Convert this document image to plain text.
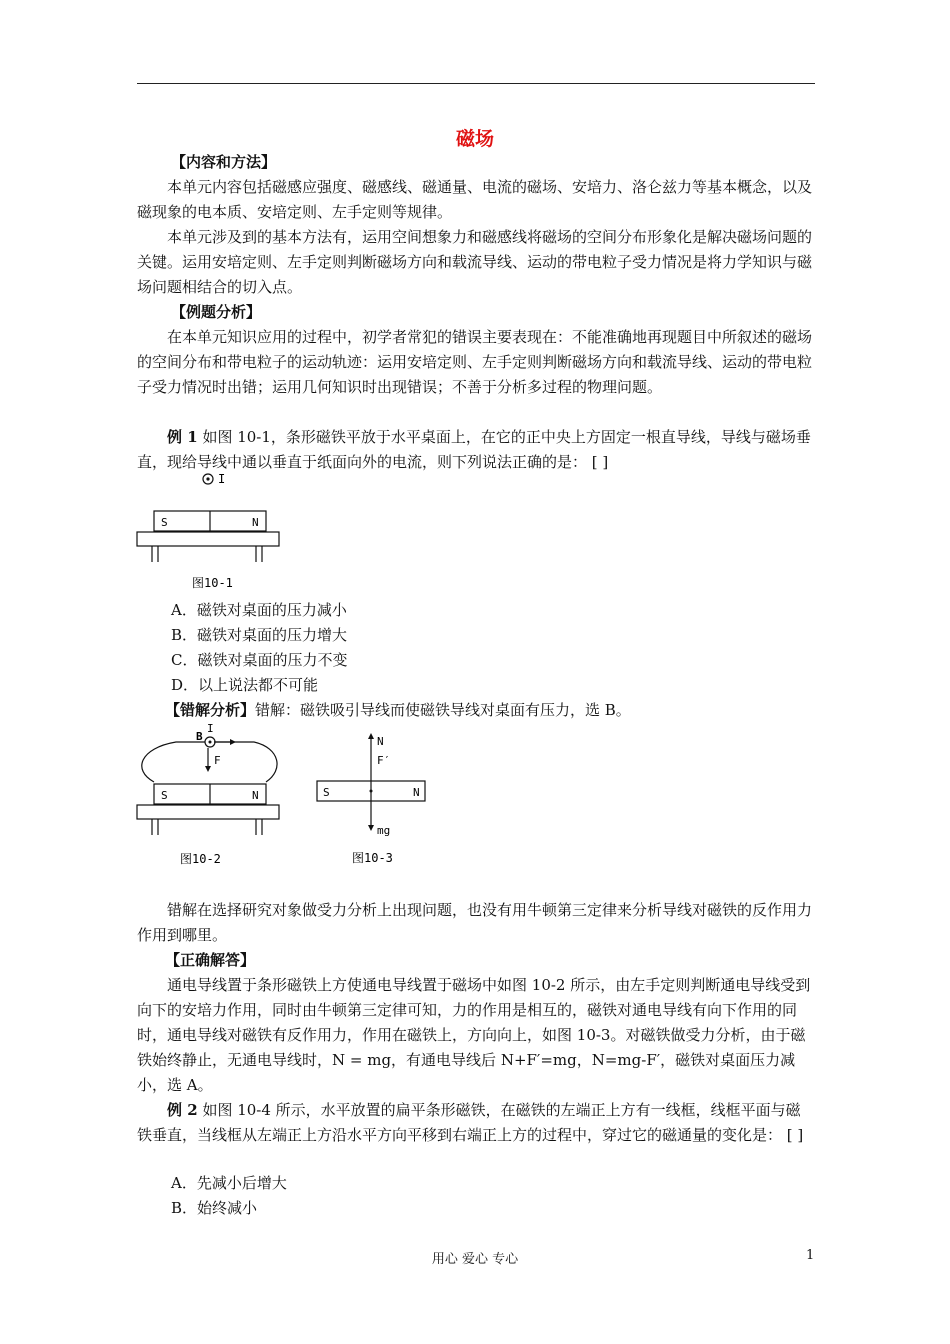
磁场
【内容和方法】
本单元内容包括磁感应强度、磁感线、磁通量、电流的磁场、安培力、洛仑兹力等基本概念，以及磁现象的电本质、安培定则、左手定则等规律。
本单元涉及到的基本方法有，运用空间想象力和磁感线将磁场的空间分布形象化是解决磁场问题的关键。运用安培定则、左手定则判断磁场方向和载流导线、运动的带电粒子受力情况是将力学知识与磁场问题相结合的切入点。
【例题分析】
在本单元知识应用的过程中，初学者常犯的错误主要表现在：不能准确地再现题目中所叙述的磁场的空间分布和带电粒子的运动轨迹：运用安培定则、左手定则判断磁场方向和载流导线、运动的带电粒子受力情况时出错；运用几何知识时出现错误；不善于分析多过程的物理问题。
例 1 如图 10-1，条形磁铁平放于水平桌面上，在它的正中央上方固定一根直导线，导线与磁场垂直，现给导线中通以垂直于纸面向外的电流，则下列说法正确的是： [ ]
I
S	N
图10-1
A．磁铁对桌面的压力减小
B．磁铁对桌面的压力增大
C．磁铁对桌面的压力不变
D．以上说法都不可能
【错解分析】错解：磁铁吸引导线而使磁铁导线对桌面有压力，选 B。
B
I
F
S	N
图10-2
N
F′
S	N
mg
图10-3
错解在选择研究对象做受力分析上出现问题，也没有用牛顿第三定律来分析导线对磁铁的反作用力作用到哪里。
【正确解答】
通电导线置于条形磁铁上方使通电导线置于磁场中如图 10-2 所示，由左手定则判断通电导线受到向下的安培力作用，同时由牛顿第三定律可知，力的作用是相互的，磁铁对通电导线有向下作用的同时，通电导线对磁铁有反作用力，作用在磁铁上，方向向上，如图 10-3。对磁铁做受力分析，由于磁铁始终静止，无通电导线时，N = mg，有通电导线后 N+F′=mg，N=mg-F′，磁铁对桌面压力减小，选 A。
例 2 如图 10-4 所示，水平放置的扁平条形磁铁，在磁铁的左端正上方有一线框，线框平面与磁铁垂直，当线框从左端正上方沿水平方向平移到右端正上方的过程中，穿过它的磁通量的变化是： [ ]
A．先减小后增大
B．始终减小
用心 爱心 专心	1
